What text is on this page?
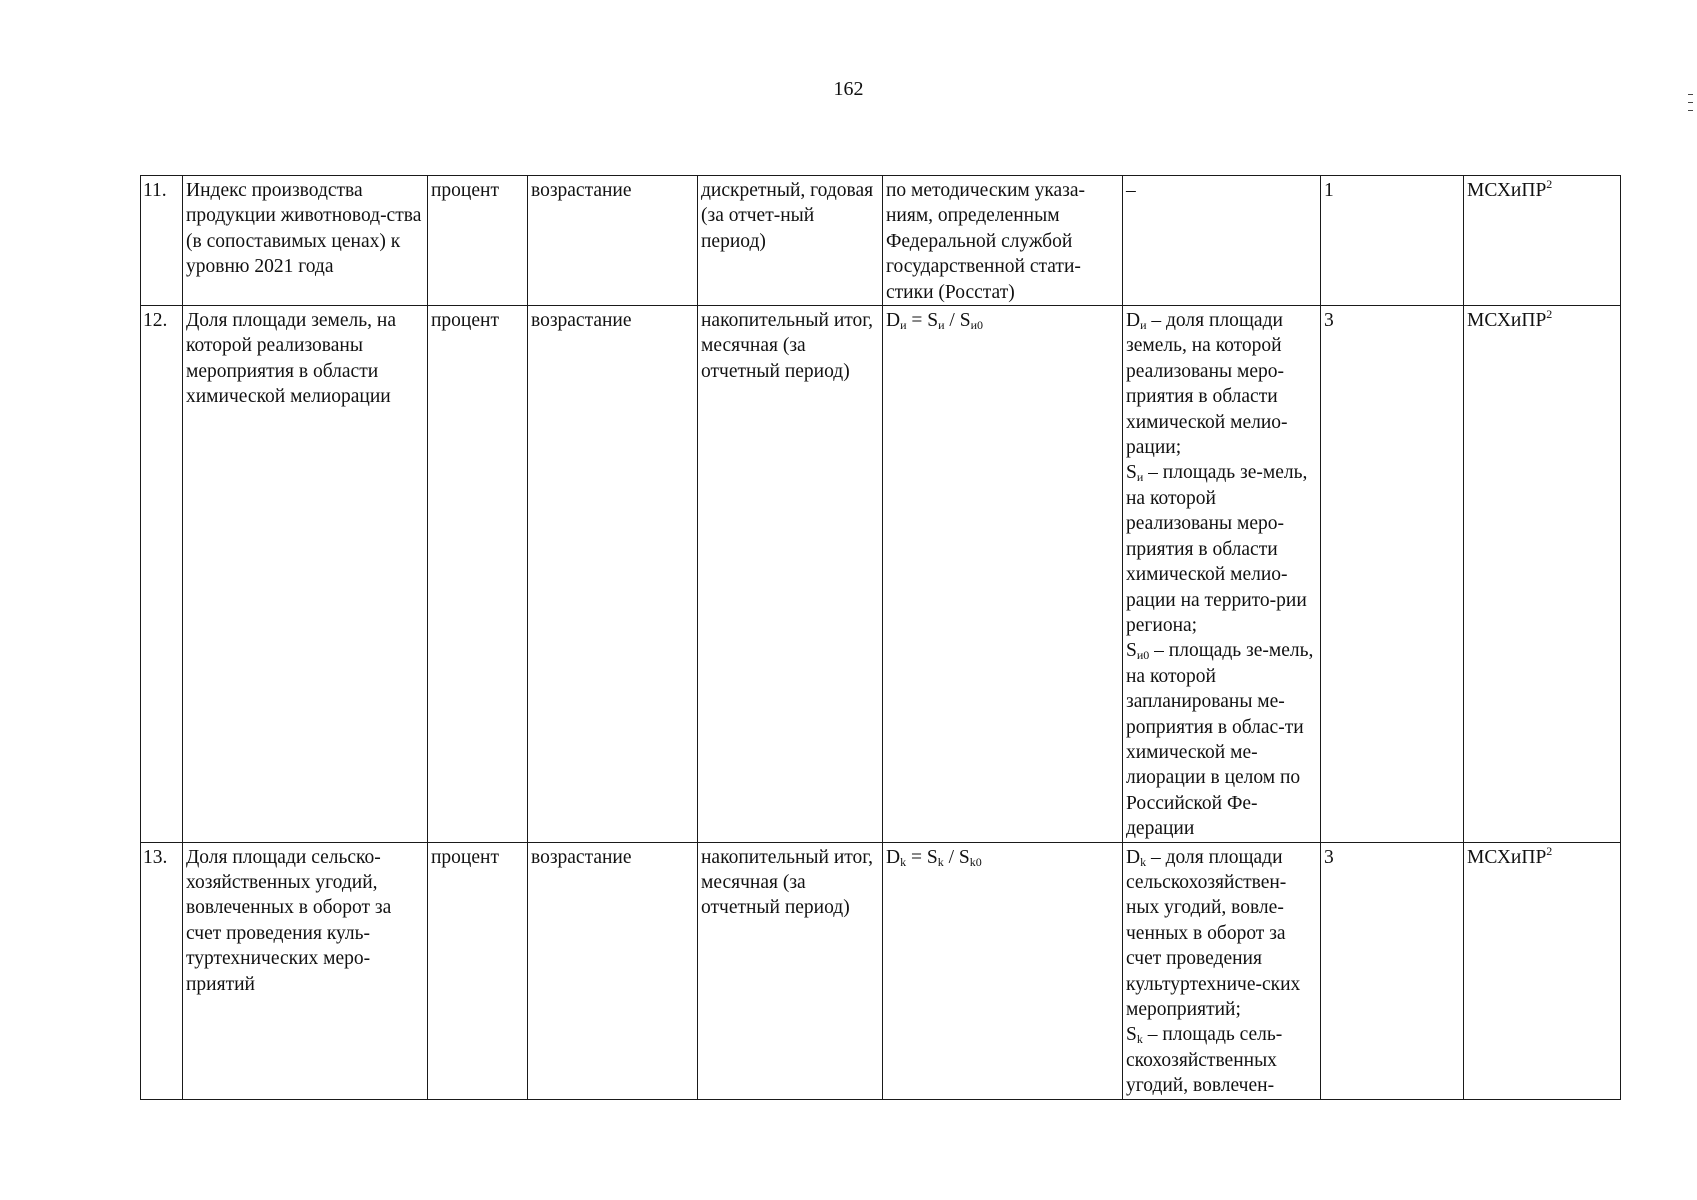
162
11.	Индекс производства продукции животновод-ства (в сопоставимых ценах) к уровню 2021 года	процент	возрастание	дискретный, годовая (за отчет-ный период)	по методическим указа-ниям, определенным Федеральной службой государственной стати-стики (Росстат)	–	1	МСХиПР$^2$
12.	Доля площади земель, на которой реализованы мероприятия в области химической мелиорации	процент	возрастание	накопительный итог, месячная (за отчетный период)	$D_и = S_и / S_{и0}$	$D_и$ – доля площади земель, на которой реализованы меро-приятия в области химической мелио-рации;
$S_и$ – площадь зе-мель, на которой реализованы меро-приятия в области химической мелио-рации на террито-рии региона;
$S_{и0}$ – площадь зе-мель, на которой запланированы ме-роприятия в облас-ти химической ме-лиорации в целом по Российской Фе-дерации	3	МСХиПР$^2$
13.	Доля площади сельско-хозяйственных угодий, вовлеченных в оборот за счет проведения куль-туртехнических меро-приятий	процент	возрастание	накопительный итог, месячная (за отчетный период)	$D_k = S_k / S_{k0}$	$D_k$ – доля площади сельскохозяйствен-ных угодий, вовле-ченных в оборот за счет проведения культуртехниче-ских мероприятий;
$S_k$ – площадь сель-скохозяйственных угодий, вовлечен-	3	МСХиПР$^2$
